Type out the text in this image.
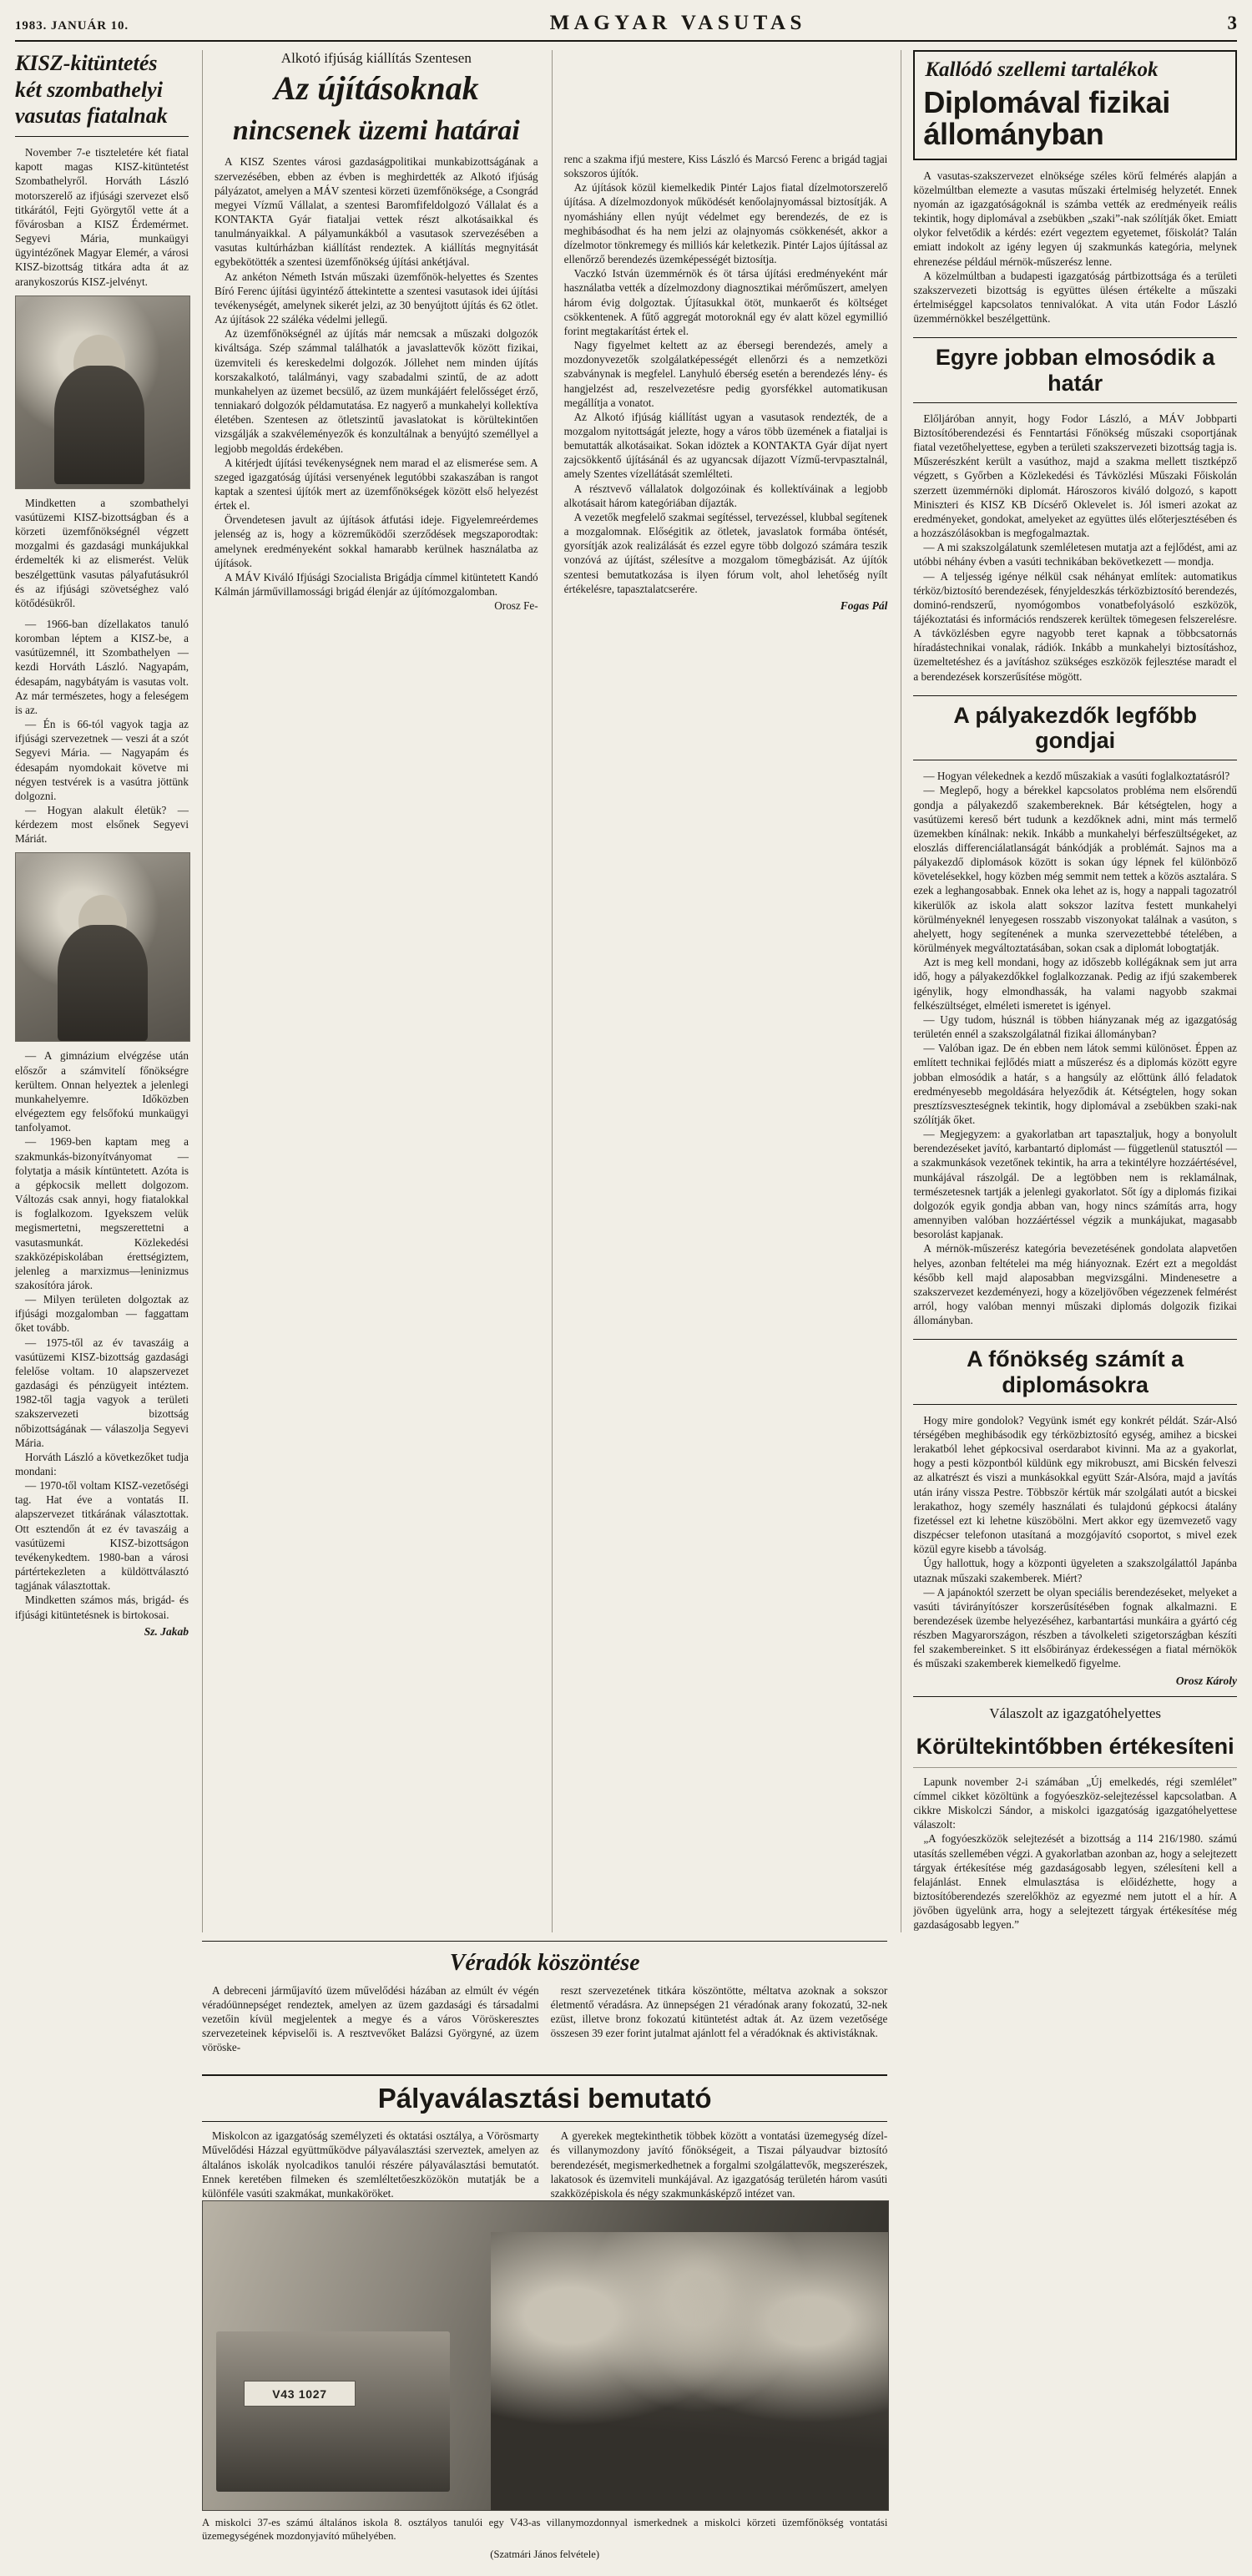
1983. JANUÁR 10.	MAGYAR VASUTAS	3
KISZ-kitüntetés két szombathelyi vasutas fiatalnak

November 7-e tiszteletére két fiatal kapott magas KISZ-kitüntetést Szombathelyről. Horváth László motorszerelő az ifjúsági szervezet első titkárától, Fejti Györgytől vette át a fővárosban a KISZ Érdemérmet. Segyevi Mária, munkaügyi ügyintézőnek Magyar Elemér, a városi KISZ-bizottság titkára adta át az aranykoszorús KISZ-jelvényt.

Mindketten a szombathelyi vasútüzemi KISZ-bizottságban és a körzeti üzemfőnökségnél végzett mozgalmi és gazdasági munkájukkal érdemelték ki az elismerést. Velük beszélgettünk vasutas pályafutásukról és az ifjúsági szövetséghez való kötődésükről.

— 1966-ban dízellakatos tanuló koromban léptem a KISZ-be, a vasútüzemnél, itt Szombathelyen — kezdi Horváth László. Nagyapám, édesapám, nagybátyám is vasutas volt. Az már természetes, hogy a feleségem is az.

— Én is 66-tól vagyok tagja az ifjúsági szervezetnek — veszi át a szót Segyevi Mária. — Nagyapám és édesapám nyomdokait követve mi négyen testvérek is a vasútra jöttünk dolgozni.

— Hogyan alakult életük? — kérdezem most elsőnek Segyevi Máriát.

— A gimnázium elvégzése után előszőr a számvitelí főnökségre kerültem. Onnan helyeztek a jelenlegi munkahelyemre. Időközben elvégeztem egy felsőfokú munkaügyi tanfolyamot.

— 1969-ben kaptam meg a szakmunkás-bizonyítványomat — folytatja a másik kíntüntetett. Azóta is a gépkocsik mellett dolgozom. Változás csak annyi, hogy fiatalokkal is foglalkozom. Igyekszem velük megismertetni, megszerettetni a vasutasmunkát. Közlekedési szakközépiskolában érettségiztem, jelenleg a marxizmus—leninizmus szakosítóra járok.

— Milyen területen dolgoztak az ifjúsági mozgalomban — faggattam őket tovább.

— 1975-től az év tavaszáig a vasútüzemi KISZ-bizottság gazdasági felelőse voltam. 10 alapszervezet gazdasági és pénzügyeit intéztem. 1982-től tagja vagyok a területi szakszervezeti bizottság nőbizottságának — válaszolja Segyevi Mária.

Horváth László a következőket tudja mondani:

— 1970-től voltam KISZ-vezetőségi tag. Hat éve a vontatás II. alapszervezet titkárának választottak. Ott esztendőn át ez év tavaszáig a vasútüzemi KISZ-bizottságon tevékenykedtem. 1980-ban a városi pártértekezleten a küldöttválasztó tagjának választottak.

Mindketten számos más, brigád- és ifjúsági kitüntetésnek is birtokosai.

Sz. Jakab
Alkotó ifjúság kiállítás Szentesen
Az újításoknak
nincsenek üzemi határai

A KISZ Szentes városi gazdaságpolitikai munkabizottságának a szervezésében, ebben az évben is meghirdették az Alkotó ifjúság pályázatot, amelyen a MÁV szentesi körzeti üzemfőnöksége, a Csongrád megyei Vízmű Vállalat, a szentesi Baromfifeldolgozó Vállalat és a KONTAKTA Gyár fiataljai vettek részt alkotásaikkal és tanulmányaikkal. A pályamunkákból a vasutasok szervezésében a vasutas kultúrházban kiállítást rendeztek. A kiállítás megnyitását egybekötötték a szentesi üzemfőnökség újítási ankétjával.

Az ankéton Németh István műszaki üzemfőnök-helyettes és Szentes Bíró Ferenc újítási ügyintéző áttekintette a szentesi vasutasok idei újítási tevékenységét, amelynek sikerét jelzi, az 30 benyújtott újítás és 62 ötlet. Az újítások 22 száléka védelmi jellegű.

Az üzemfőnökségnél az újítás már nemcsak a műszaki dolgozók kiváltsága. Szép számmal találhatók a javaslattevők között fizikai, üzemviteli és kereskedelmi dolgozók. Jóllehet nem minden újítás korszakalkotó, találmányi, vagy szabadalmi szintű, de az adott munkahelyen az üzemet becsülő, az üzem munkájáért felelősséget érző, tenniakaró dolgozók példamutatása. Ez nagyerő a munkahelyi kollektíva életében. Szentesen az ötletszintű javaslatokat is körültekintően vizsgálják a szakvéleményezők és konzultálnak a benyújtó személlyel a legjobb megoldás érdekében.

A kitérjedt újítási tevékenységnek nem marad el az elismerése sem. A szeged igazgatóság újítási versenyének legutóbbi szakaszában is rangot kaptak a szentesi újítók mert az üzemfőnökségek között első helyezést értek el.

Örvendetesen javult az újítások átfutási ideje. Figyelemreérdemes jelenség az is, hogy a közreműködői szerződések megszaporodtak: amelynek eredményeként sokkal hamarabb kerülnek használatba az újítások.

A MÁV Kiváló Ifjúsági Szocialista Brigádja címmel kitüntetett Kandó Kálmán járművillamossági brigád élenjár az újítómozgalomban.

Orosz Fe-

renc a szakma ifjú mestere, Kiss László és Marcsó Ferenc a brigád tagjai sokszoros újítók.

Az újítások közül kiemelkedik Pintér Lajos fiatal dízelmotorszerelő újítása. A dízelmozdonyok működését kenőolajnyomással biztosítják. A nyomáshiány ellen nyújt védelmet egy berendezés, de ez is meghibásodhat és ha nem jelzi az olajnyomás csökkenését, akkor a dízelmotor tönkremegy és milliós kár keletkezik. Pintér Lajos újítással az ellenőrző berendezés üzemképességét biztosítja.

Vaczkó István üzemmérnök és öt társa újítási eredményeként már használatba vették a dízelmozdony diagnosztikai mérőműszert, amelyen három évig dolgoztak. Újítasukkal ötöt, munkaerőt és költséget csökkentenek. A fűtő aggregát motoroknál egy év alatt közel egymillió forint megtakarítást értek el.

Nagy figyelmet keltett az az ébersegi berendezés, amely a mozdonyvezetők szolgálatképességét ellenőrzi és a nemzetközi szabványnak is megfelel. Lanyhuló éberség esetén a berendezés lény- és hangjelzést ad, reszelvezetésre pedig gyorsfékkel automatikusan megállítja a vonatot.

Az Alkotó ifjúság kiállítást ugyan a vasutasok rendezték, de a mozgalom nyitottságát jelezte, hogy a város több üzemének a fiataljai is bemutatták alkotásaikat. Sokan idöztek a KONTAKTA Gyár díjat nyert zajcsökkentő újításánál és az ugyancsak díjazott Vízmű-tervpasztalnál, amely Szentes vízellátását szemlélteti.

A résztvevő vállalatok dolgozóinak és kollektíváinak a legjobb alkotásait három kategóriában díjazták.

A vezetők megfelelő szakmai segítéssel, tervezéssel, klubbal segítenek a mozgalomnak. Előségitik az ötletek, javaslatok formába öntését, gyorsítják azok realizálását és ezzel egyre több dolgozó számára teszik vonzóvá az újítást, szélesítve a mozgalom tömegbázisát. Az újítók szentesi bemutatkozása is ilyen fórum volt, ahol lehetőség nyílt értékelésre, tapasztalatcserére.

Fogas Pál
Kallódó szellemi tartalékok
Diplomával fizikai állományban

A vasutas-szakszervezet elnöksége széles körű felmérés alapján a közelmúltban elemezte a vasutas műszaki értelmiség helyzetét. Ennek nyomán az igazgatóságoknál is számba vették az eredményeik reális tekintik, hogy diplomával a zsebükben „szaki”-nak szólítják őket. Emiatt olykor felvetődik a kérdés: ezért vegeztem egyetemet, főiskolát? Talán emiatt indokolt az igény legyen új szakmunkás kategória, melynek ehrenezése például mérnök-műszerész lenne.

A közelmúltban a budapesti igazgatóság pártbizottsága és a területi szakszervezeti bizottság is együttes ülésen értékelte a műszaki értelmiséggel kapcsolatos tennivalókat. A vita után Fodor László üzemmérnökkel beszélgettünk.

Egyre jobban elmosódik a határ

Előljáróban annyit, hogy Fodor László, a MÁV Jobbparti Biztosítóberendezési és Fenntartási Főnökség műszaki csoportjának fiatal vezetőhelyettese, egyben a területi szakszervezeti bizottság tagja is. Műszerészként került a vasúthoz, majd a szakma mellett tisztképző végzett, s Győrben a Közlekedési és Távközlési Műszaki Főiskolán szerzett üzemmérnöki diplomát. Hároszoros kiváló dolgozó, s kapott Miniszteri és KISZ KB Dícsérő Oklevelet is. Jól ismeri azokat az eredményeket, gondokat, amelyeket az együttes ülés előterjesztésében és a hozzászólásokban is megfogalmaztak.

— A mi szakszolgálatunk szemléletesen mutatja azt a fejlődést, ami az utóbbi néhány évben a vasúti technikában bekövetkezett — mondja.

— A teljesség igénye nélkül csak néhányat említek: automatikus térköz/biztosító berendezések, fényjeldeszkás térközbiztosító berendezés, dominó-rendszerű, nyomógombos vonatbefolyásoló eszközök, tájékoztatási és információs rendszerek kerültek tömegesen felszerelésre. A távközlésben egyre nagyobb teret kapnak a többcsatornás híradástechnikai vonalak, rádiók. Inkább a munkahelyi biztosításhoz, üzemeltetéshez és a javításhoz szükséges eszközök fejlesztése maradt el a berendezések korszerűsítése mögött.

A pályakezdők legfőbb gondjai

— Hogyan vélekednek a kezdő műszakiak a vasúti foglalkoztatásról?

— Meglepő, hogy a bérekkel kapcsolatos probléma nem elsőrendű gondja a pályakezdő szakembereknek. Bár kétségtelen, hogy a vasútüzemi kereső bért tudunk a kezdőknek adni, mint más termelő üzemekben kínálnak: nekik. Inkább a munkahelyi bérfeszültségeket, az eloszlás differenciálatlanságát bánkódják a problémát. Sajnos ma a pályakezdő diplomások között is sokan úgy lépnek fel különböző követelésekkel, hogy közben még semmit nem tettek a közös asztalára. S ezek a leghangosabbak. Ennek oka lehet az is, hogy a nappali tagozatról kikerülők az iskola alatt sokszor lazítva festett munkahelyi körülményeknél lenyegesen rosszabb viszonyokat találnak a vasúton, s ahelyett, hogy segítenének a munka szervezettebbé tételében, a körülmények megváltoztatásában, sokan csak a diplomát lobogtatják.

Azt is meg kell mondani, hogy az időszebb kollégáknak sem jut arra idő, hogy a pályakezdőkkel foglalkozzanak. Pedig az ifjú szakemberek igénylik, hogy elmondhassák, ha valami nagyobb szakmai felkészültséget, elméleti ismeretet is igényel.

— Ugy tudom, húsznál is többen hiányzanak még az igazgatóság területén ennél a szakszolgálatnál fizikai állományban?

— Valóban igaz. De én ebben nem látok semmi különöset. Éppen az említett technikai fejlődés miatt a műszerész és a diplomás között egyre jobban elmosódik a határ, s a hangsúly az előttünk álló feladatok eredményesebb megoldására helyeződik át. Kétségtelen, hogy sokan presztízsveszteségnek tekintik, hogy diplomával a zsebükben szaki-nak szólítják őket.

— Megjegyzem: a gyakorlatban art tapasztaljuk, hogy a bonyolult berendezéseket javító, karbantartó diplomást — függetlenül statusztól — a szakmunkások vezetőnek tekintik, ha arra a tekintélyre hozzáértésével, munkájával rászolgál. De a legtöbben nem is reklamálnak, természetesnek tartják a jelenlegi gyakorlatot. Sőt így a diplomás fizikai dolgozók egyik gondja abban van, hogy nincs számítás arra, hogy amennyiben valóban hozzáértéssel végzik a munkájukat, magasabb besorolást kapjanak.

A mérnök-műszerész kategória bevezetésének gondolata alapvetően helyes, azonban feltételei ma még hiányoznak. Ezért ezt a megoldást később kell majd alaposabban megvizsgálni. Mindenesetre a szakszervezet kezdeményezi, hogy a közeljövőben végezzenek felmérést arról, hogy valóban mennyi műszaki diplomás dolgozik fizikai állományban.

A főnökség számít a diplomásokra

Hogy mire gondolok? Vegyünk ismét egy konkrét példát. Szár-Alsó térségében meghibásodik egy térközbiztosító egység, amihez a bicskei lerakatból lehet gépkocsival oserdarabot kivinni. Ma az a gyakorlat, hogy a pesti központból küldünk egy mikrobuszt, ami Bicskén felveszi az alkatrészt és viszi a munkásokkal együtt Szár-Alsóra, majd a javítás után irány vissza Pestre. Többször kértük már szolgálati autót a bicskei lerakathoz, hogy személy használati és tulajdonú gépkocsi átalány fizetéssel ezt ki lehetne küszöbölni. Mert akkor egy üzemvezető vagy diszpécser telefonon utasítaná a mozgójavító csoportot, s mivel ezek közül egyre kisebb a távolság.

Úgy hallottuk, hogy a központi ügyeleten a szakszolgálattól Japánba utaznak műszaki szakemberek. Miért?

— A japánoktól szerzett be olyan speciális berendezéseket, melyeket a vasúti távirányítószer korszerűsítésében fognak alkalmazni. E berendezések üzembe helyezéséhez, karbantartási munkáira a gyártó cég részben Magyarországon, részben a távolkeleti szigetországban készíti fel szakembereinket. S itt elsőbirányaz érdekességen a fiatal mérnökök és műszaki szakemberek kiemelkedő figyelme.

Orosz Károly
Válaszolt az igazgatóhelyettes
Körültekintőbben értékesíteni

Lapunk november 2-i számában „Új emelkedés, régi szemlélet” címmel cikket közöltünk a fogyóeszköz-selejtezéssel kapcsolatban. A cikkre Miskolczi Sándor, a miskolci igazgatóság igazgatóhelyettese válaszolt:

„A fogyóeszközök selejtezését a bizottság a 114 216/1980. számú utasítás szellemében végzi. A gyakorlatban azonban az, hogy a selejtezett tárgyak értékesítése még gazdaságosabb legyen, szélesíteni kell a felajánlást. Ennek elmulasztása is előidézhette, hogy a biztosítóberendezés szerelőkhöz az egyezmé nem jutott el a hír. A jövőben ügyelünk arra, hogy a selejtezett tárgyak értékesítése még gazdaságosabb legyen.”

Véradók köszöntése

A debreceni járműjavító üzem művelődési házában az elmúlt év végén véradóünnepséget rendeztek, amelyen az üzem gazdasági és társadalmi vezetőin kívül megjelentek a megye és a város Vöröskeresztes szervezeteinek képviselői is. A resztvevőket Balázsi Györgyné, az üzem vöröske-

reszt szervezetének titkára köszöntötte, méltatva azoknak a sokszor életmentő véradásra. Az ünnepségen 21 véradónak arany fokozatú, 32-nek ezüst, illetve bronz fokozatú kitüntetést adtak át. Az üzem vezetősége összesen 39 ezer forint jutalmat ajánlott fel a véradóknak és aktivistáknak.

Pályaválasztási bemutató

Miskolcon az igazgatóság személyzeti és oktatási osztálya, a Vörösmarty Művelődési Házzal együttműködve pályaválasztási szerveztek, amelyen az általános iskolák nyolcadikos tanulói részére pályaválasztási bemutatót. Ennek keretében filmeken és szemléltetőeszközökön mutatják be a különféle vasúti szakmákat, munkaköröket.

A gyerekek megtekinthetik többek között a vontatási üzemegység dízel- és villanymozdony javító főnökségeit, a Tiszai pályaudvar biztosító berendezését, megismerkedhetnek a forgalmi szolgálattevők, megszerészek, lakatosok és üzemviteli munkájával. Az igazgatóság területén három vasúti szakközépiskola és négy szakmunkásképző intézet van.

V43 1027

A miskolci 37-es számú általános iskola 8. osztályos tanulói egy V43-as villanymozdonnyal ismerkednek a miskolci körzeti üzemfőnökség vontatási üzemegységének mozdonyjavító műhelyében.

(Szatmári János felvétele)
